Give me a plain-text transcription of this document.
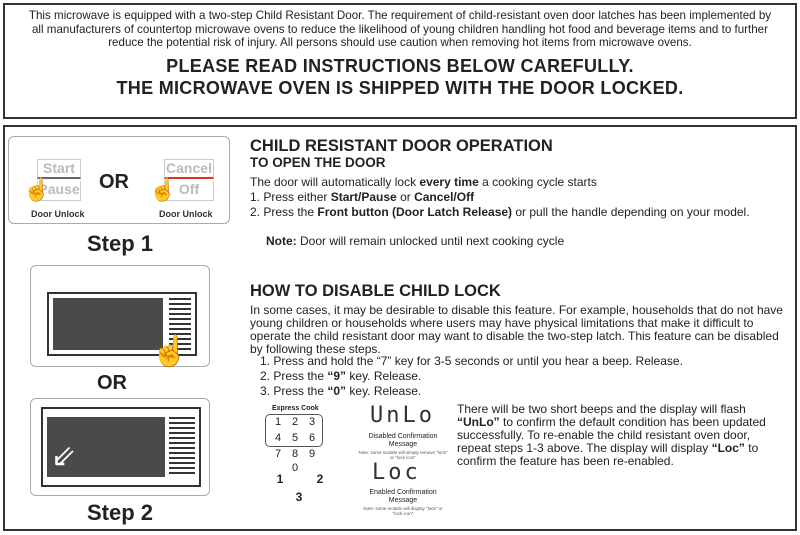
This microwave is equipped with a two-step Child Resistant Door. The requirement of child-resistant oven door latches has been implemented by all manufacturers of countertop microwave ovens to reduce the likelihood of young children handling hot food and beverage items and to further reduce the potential risk of injury. All persons should use caution when removing hot items from microwave ovens.

PLEASE READ INSTRUCTIONS BELOW CAREFULLY.
THE MICROWAVE OVEN IS SHIPPED WITH THE DOOR LOCKED.
Start
Pause OR
Cancel
Off
☝	☝
Door Unlock	Door Unlock
Step 1
☝
OR
⇙
Step 2
CHILD RESISTANT DOOR OPERATION
TO OPEN THE DOOR
The door will automatically lock every time a cooking cycle starts
1. Press either Start/Pause or Cancel/Off
2. Press the Front button (Door Latch Release) or pull the handle depending on your model.
Note: Door will remain unlocked until next cooking cycle
HOW TO DISABLE CHILD LOCK
In some cases, it may be desirable to disable this feature. For example, households that do not have young children or households where users may have physical limitations that make it difficult to operate the child resistant door may want to disable the two-step latch. This feature can be disabled by following these steps.
1. Press and hold the “7” key for 3-5 seconds or until you hear a beep. Release.
2. Press the “9” key. Release.
3. Press the “0” key. Release.
There will be two short beeps and the display will flash “UnLo” to confirm the default condition has been updated successfully. To re-enable the child resistant oven door, repeat steps 1-3 above. The display will display “Loc” to confirm the feature has been re-enabled.
Express Cook
1 2 3
4 5 6
7 8 9
0
1	2
3
UnLo
Disabled Confirmation Message
Note: some models will simply remove "lock" or "lock icon"
Loc
Enabled Confirmation Message
Note: some models will display "lock" or "lock icon"
